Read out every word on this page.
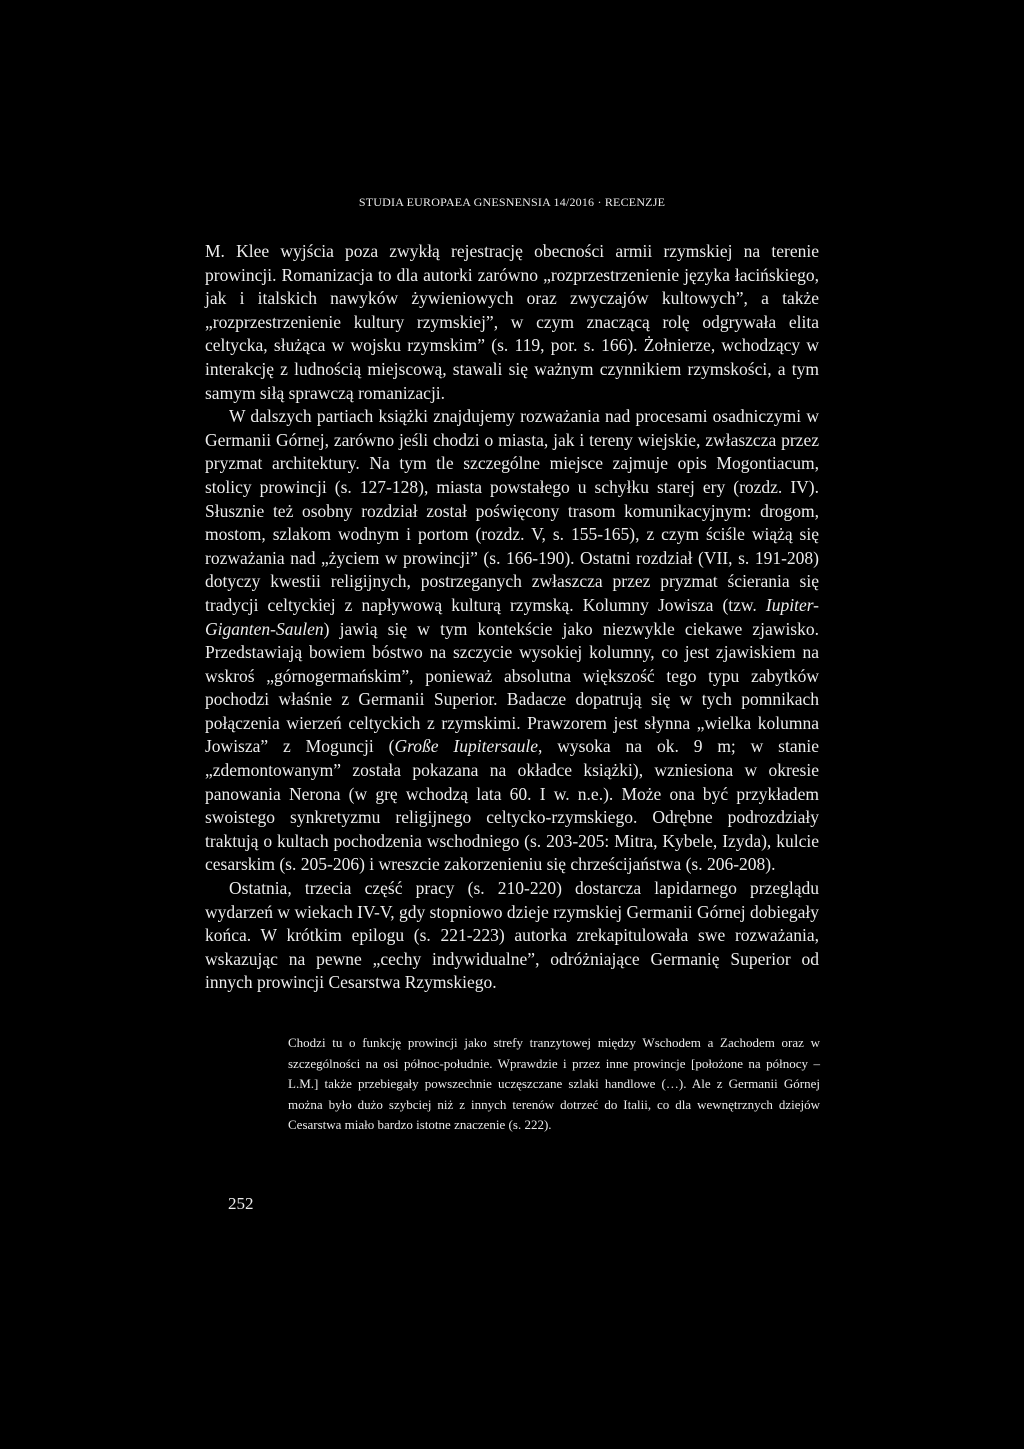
STUDIA EUROPAEA GNESNENSIA 14/2016 · RECENZJE

M. Klee wyjścia poza zwykłą rejestrację obecności armii rzymskiej na terenie prowincji. Romanizacja to dla autorki zarówno „rozprzestrzenienie języka łacińskiego, jak i italskich nawyków żywieniowych oraz zwyczajów kultowych”, a także „rozprzestrzenienie kultury rzymskiej”, w czym znaczącą rolę odgrywała elita celtycka, służąca w wojsku rzymskim” (s. 119, por. s. 166). Żołnierze, wchodzący w interakcję z ludnością miejscową, stawali się ważnym czynnikiem rzymskości, a tym samym siłą sprawczą romanizacji.

W dalszych partiach książki znajdujemy rozważania nad procesami osadniczymi w Germanii Górnej, zarówno jeśli chodzi o miasta, jak i tereny wiejskie, zwłaszcza przez pryzmat architektury. Na tym tle szczególne miejsce zajmuje opis Mogontiacum, stolicy prowincji (s. 127-128), miasta powstałego u schyłku starej ery (rozdz. IV). Słusznie też osobny rozdział został poświęcony trasom komunikacyjnym: drogom, mostom, szlakom wodnym i portom (rozdz. V, s. 155-165), z czym ściśle wiążą się rozważania nad „życiem w prowincji” (s. 166-190). Ostatni rozdział (VII, s. 191-208) dotyczy kwestii religijnych, postrzeganych zwłaszcza przez pryzmat ścierania się tradycji celtyckiej z napływową kulturą rzymską. Kolumny Jowisza (tzw. Iupiter-Giganten-Saulen) jawią się w tym kontekście jako niezwykle ciekawe zjawisko. Przedstawiają bowiem bóstwo na szczycie wysokiej kolumny, co jest zjawiskiem na wskroś „górnogermańskim”, ponieważ absolutna większość tego typu zabytków pochodzi właśnie z Germanii Superior. Badacze dopatrują się w tych pomnikach połączenia wierzeń celtyckich z rzymskimi. Prawzorem jest słynna „wielka kolumna Jowisza” z Moguncji (Große Iupitersaule, wysoka na ok. 9 m; w stanie „zdemontowanym” została pokazana na okładce książki), wzniesiona w okresie panowania Nerona (w grę wchodzą lata 60. I w. n.e.). Może ona być przykładem swoistego synkretyzmu religijnego celtycko-rzymskiego. Odrębne podrozdziały traktują o kultach pochodzenia wschodniego (s. 203-205: Mitra, Kybele, Izyda), kulcie cesarskim (s. 205-206) i wreszcie zakorzenieniu się chrześcijaństwa (s. 206-208).

Ostatnia, trzecia część pracy (s. 210-220) dostarcza lapidarnego przeglądu wydarzeń w wiekach IV-V, gdy stopniowo dzieje rzymskiej Germanii Górnej dobiegały końca. W krótkim epilogu (s. 221-223) autorka zrekapitulowała swe rozważania, wskazując na pewne „cechy indywidualne”, odróżniające Germanię Superior od innych prowincji Cesarstwa Rzymskiego.

Chodzi tu o funkcję prowincji jako strefy tranzytowej między Wschodem a Zachodem oraz w szczególności na osi północ-południe. Wprawdzie i przez inne prowincje [położone na północy – L.M.] także przebiegały powszechnie uczęszczane szlaki handlowe (…). Ale z Germanii Górnej można było dużo szybciej niż z innych terenów dotrzeć do Italii, co dla wewnętrznych dziejów Cesarstwa miało bardzo istotne znaczenie (s. 222).

252
